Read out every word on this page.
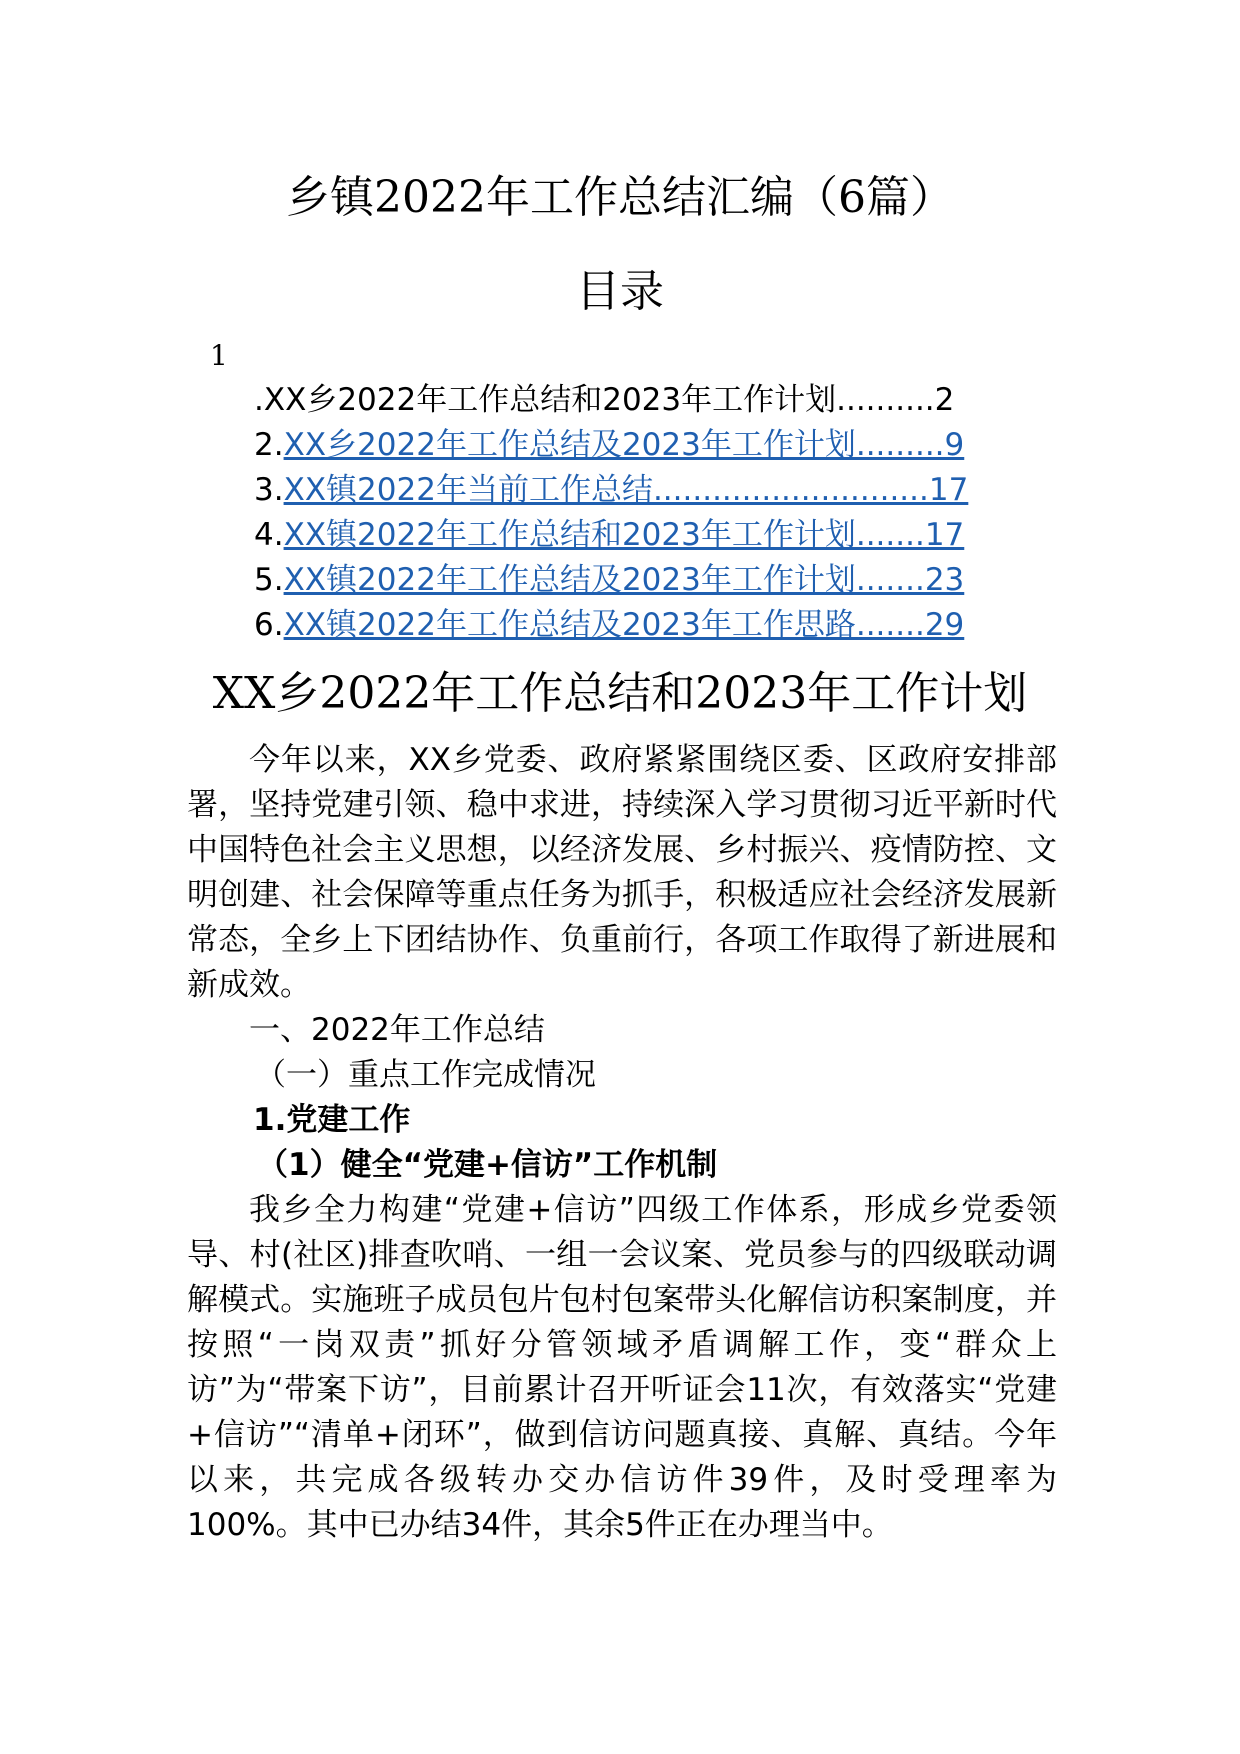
乡镇2022年工作总结汇编（6篇）
目录
1
.XX乡2022年工作总结和2023年工作计划..........2
2.XX乡2022年工作总结及2023年工作计划.........9
3.XX镇2022年当前工作总结............................17
4.XX镇2022年工作总结和2023年工作计划.......17
5.XX镇2022年工作总结及2023年工作计划.......23
6.XX镇2022年工作总结及2023年工作思路.......29
XX乡2022年工作总结和2023年工作计划

今年以来，XX乡党委、政府紧紧围绕区委、区政府安排部署，坚持党建引领、稳中求进，持续深入学习贯彻习近平新时代中国特色社会主义思想，以经济发展、乡村振兴、疫情防控、文明创建、社会保障等重点任务为抓手，积极适应社会经济发展新常态，全乡上下团结协作、负重前行，各项工作取得了新进展和新成效。

一、2022年工作总结

（一）重点工作完成情况

1.党建工作

（1）健全“党建+信访”工作机制

我乡全力构建“党建+信访”四级工作体系，形成乡党委领导、村(社区)排查吹哨、一组一会议案、党员参与的四级联动调解模式。实施班子成员包片包村包案带头化解信访积案制度，并按照“一岗双责”抓好分管领域矛盾调解工作，变“群众上访”为“带案下访”，目前累计召开听证会11次，有效落实“党建+信访”“清单+闭环”，做到信访问题真接、真解、真结。今年以来，共完成各级转办交办信访件39件，及时受理率为100%。其中已办结34件，其余5件正在办理当中。
